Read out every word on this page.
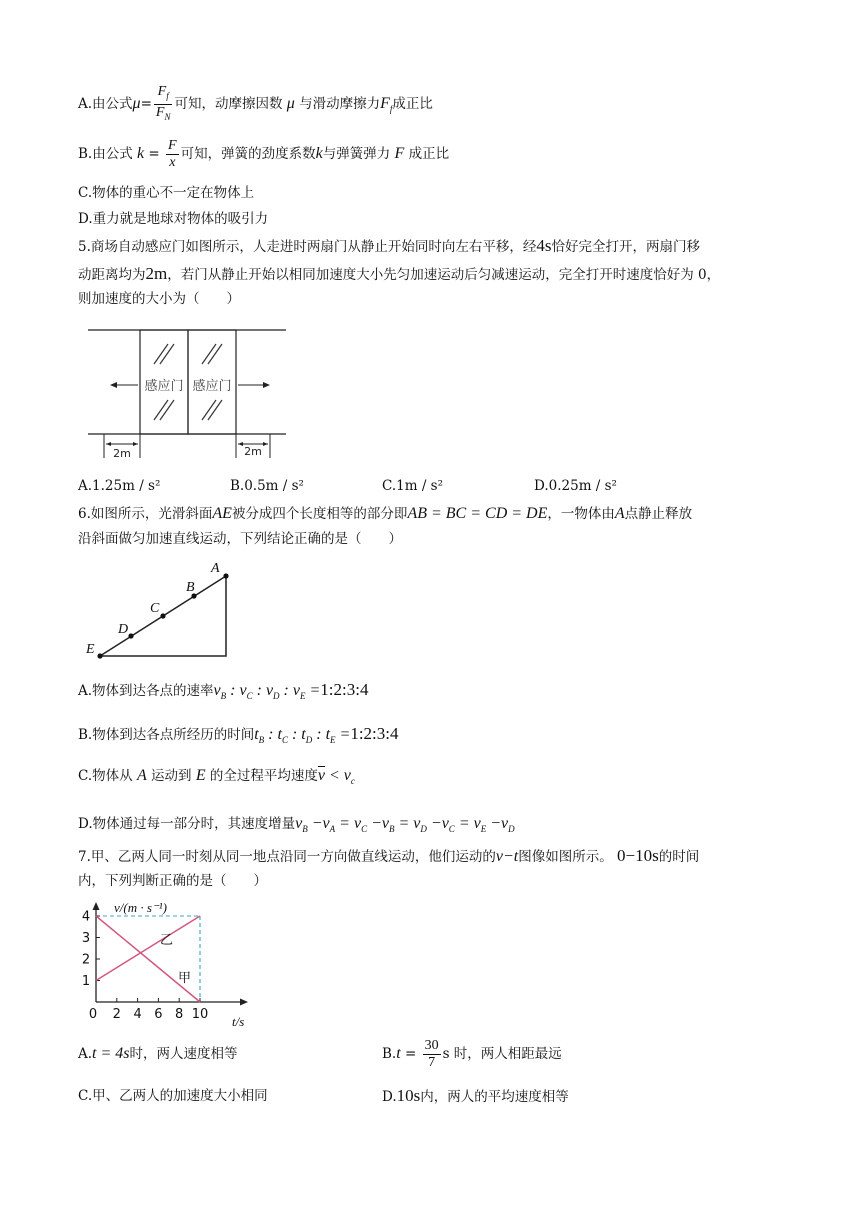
A.由公式$\mu= \frac{F_f}{F_N}$ 可知，动摩擦因数 μ 与滑动摩擦力$F_f$成正比
B.由公式 $k = \frac{F}{x}$ 可知，弹簧的劲度系数k与弹簧弹力 F 成正比
C.物体的重心不一定在物体上
D.重力就是地球对物体的吸引力
5.商场自动感应门如图所示，人走进时两扇门从静止开始同时向左右平移，经4s恰好完全打开，两扇门移
动距离均为2m，若门从静止开始以相同加速度大小先匀加速运动后匀减速运动，完全打开时速度恰好为 0，
则加速度的大小为（　　）
感应门 感应门
2m	2m
A.1.25m / s²	B.0.5m / s²	C.1m / s²	D.0.25m / s²
6.如图所示，光滑斜面AE被分成四个长度相等的部分即AB = BC = CD = DE，一物体由A点静止释放
沿斜面做匀加速直线运动，下列结论正确的是（　　）
A
B
C
D
E
A.物体到达各点的速率$v_B$ : $v_C$ : $v_D$ : $v_E$ =1:2:3:4
B.物体到达各点所经历的时间$t_B$ : $t_C$ : $t_D$ : $t_E$ =1:2:3:4
C.物体从 A 运动到 E 的全过程平均速度$\overline{v} < v_c$
D.物体通过每一部分时，其速度增量$v_B -v_A = v_C -v_B = v_D -v_C = v_E -v_D$
7.甲、乙两人同一时刻从同一地点沿同一方向做直线运动，他们运动的v−t图像如图所示。 0−10s的时间
内，下列判断正确的是（　　）
v/(m · s⁻¹)
t/s
1
2
3
4
0 2 4 6 8 10
乙
甲
A.t = 4s时，两人速度相等	$B.t = \frac{30}{7}$ s 时，两人相距最远
C.甲、乙两人的加速度大小相同	D.10s内，两人的平均速度相等
